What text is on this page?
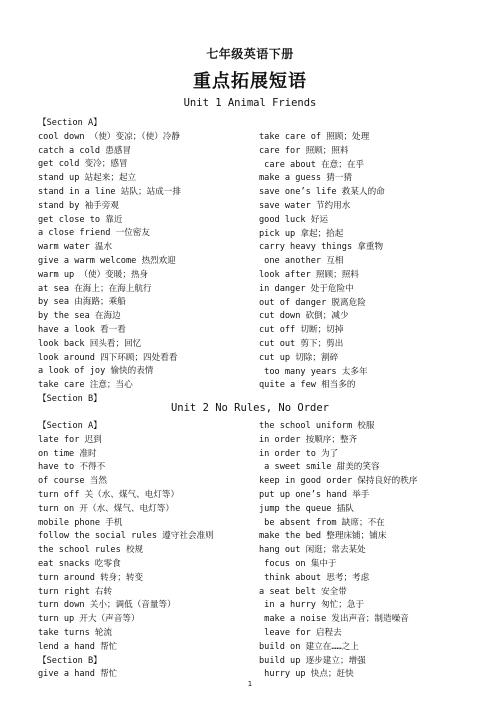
七年级英语下册
重点拓展短语
Unit 1 Animal Friends
【Section A】
cool down （使）变凉；（使）冷静
catch a cold 患感冒
get cold 变冷；感冒
stand up 站起来；起立
stand in a line 站队；站成一排
stand by 袖手旁观
get close to 靠近
a close friend 一位密友
warm water 温水
give a warm welcome 热烈欢迎
warm up （使）变暖；热身
at sea 在海上；在海上航行
by sea 由海路；乘船
by the sea 在海边
have a look 看一看
look back 回头看；回忆
look around 四下环顾；四处看看
a look of joy 愉快的表情
take care 注意；当心
【Section B】
take care of 照顾；处理
care for 照顾；照料
care about 在意；在乎
make a guess 猜一猜
save one’s life 救某人的命
save water 节约用水
good luck 好运
pick up 拿起；拾起
carry heavy things 拿重物
one another 互相
look after 照顾；照料
in danger 处于危险中
out of danger 脱离危险
cut down 砍倒；减少
cut off 切断；切掉
cut out 剪下；剪出
cut up 切除；割碎
too many years 太多年
quite a few 相当多的
Unit 2 No Rules, No Order
【Section A】
late for 迟到
on time 准时
have to 不得不
of course 当然
turn off 关（水、煤气、电灯等）
turn on 开（水、煤气、电灯等）
mobile phone 手机
follow the social rules 遵守社会准则
the school rules 校规
eat snacks 吃零食
turn around 转身；转变
turn right 右转
turn down 关小；调低（音量等）
turn up 开大（声音等）
take turns 轮流
lend a hand 帮忙
【Section B】
give a hand 帮忙
the school uniform 校服
in order 按顺序；整齐
in order to 为了
a sweet smile 甜美的笑容
keep in good order 保持良好的秩序
put up one’s hand 举手
jump the queue 插队
be absent from 缺席；不在
make the bed 整理床铺；铺床
hang out 闲逛；常去某处
focus on 集中于
think about 思考；考虑
a seat belt 安全带
in a hurry 匆忙；急于
make a noise 发出声音；制造噪音
leave for 启程去
build on 建立在……之上
build up 逐步建立；增强
hurry up 快点；赶快
1
